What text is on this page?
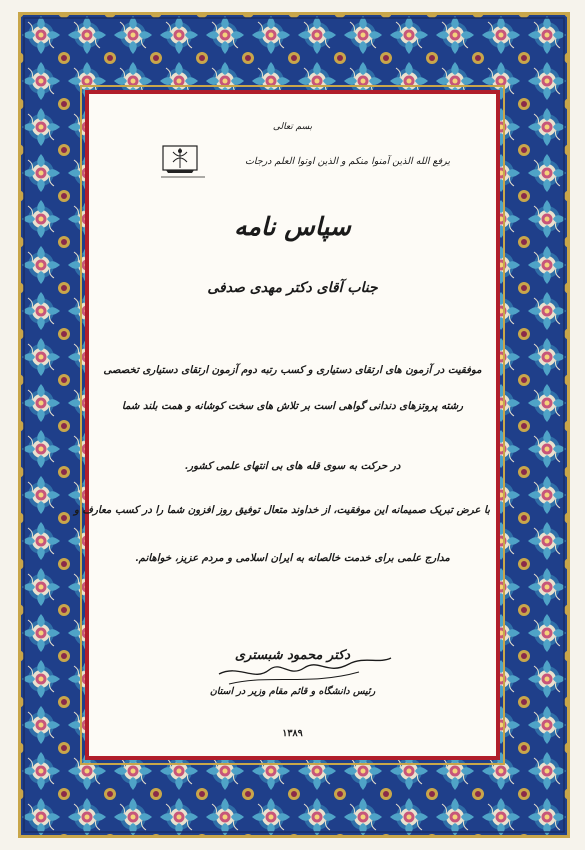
بسم تعالی
یرفع الله الذین آمنوا منکم و الذین اوتوا العلم درجات
سپاس نامه
جناب آقای دکتر مهدی صدفی
موفقیت در آزمون های ارتقای دستیاری و کسب رتبه دوم آزمون ارتقای دستیاری تخصصی
رشته پروتزهای دندانی گواهی است بر تلاش های سخت کوشانه و همت بلند شما
در حرکت به سوی قله های بی انتهای علمی کشور.
با عرض تبریک صمیمانه این موفقیت، از خداوند متعال توفیق روز افزون شما را در کسب معارف و
مدارج علمی برای خدمت خالصانه به ایران اسلامی و مردم عزیز، خواهانم.
دکتر محمود شبستری
رئیس دانشگاه و قائم مقام وزیر در استان
۱۳۸۹
